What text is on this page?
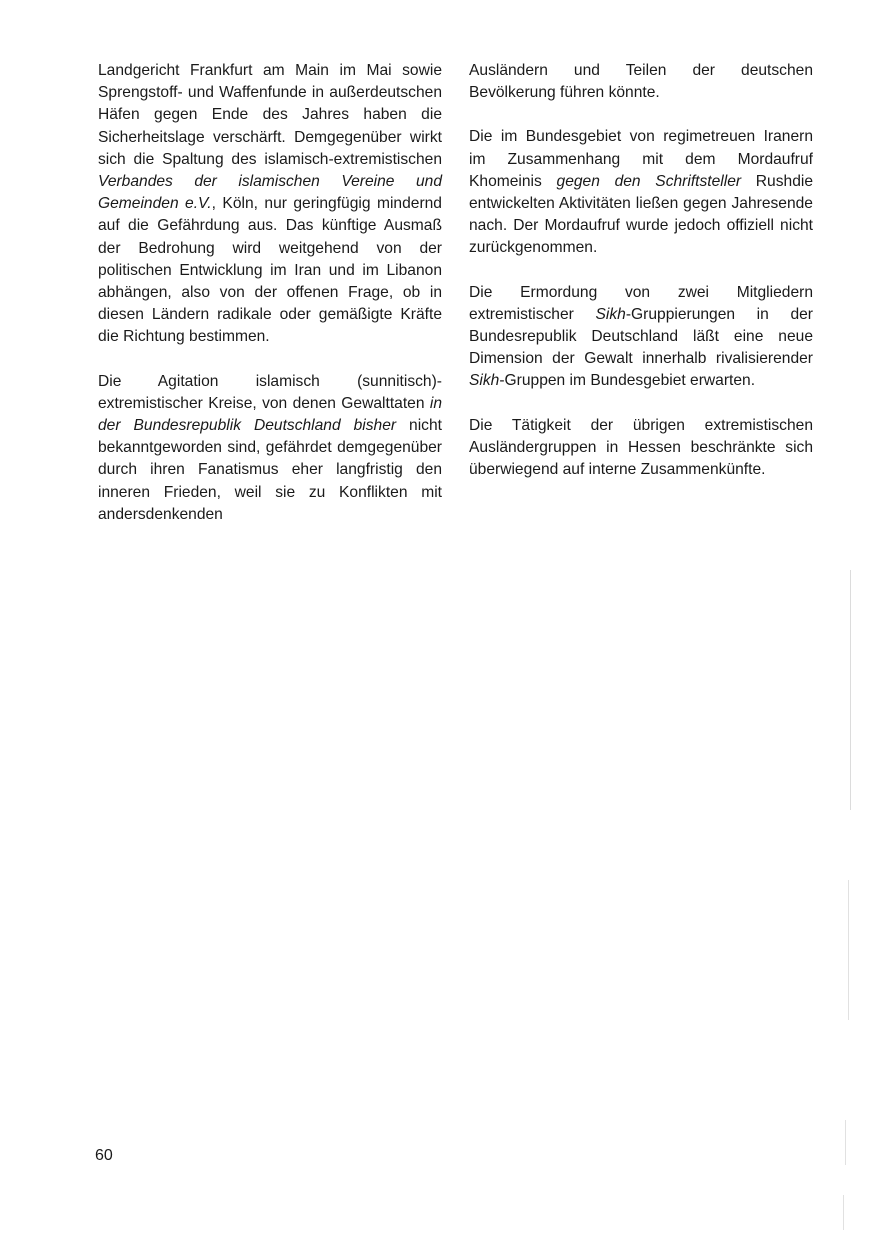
Landgericht Frankfurt am Main im Mai sowie Sprengstoff- und Waffenfunde in außerdeutschen Häfen gegen Ende des Jahres haben die Sicherheitslage verschärft. Demgegenüber wirkt sich die Spaltung des islamisch-extremistischen Verbandes der islamischen Vereine und Gemeinden e.V., Köln, nur geringfügig mindernd auf die Gefährdung aus. Das künftige Ausmaß der Bedrohung wird weitgehend von der politischen Entwicklung im Iran und im Libanon abhängen, also von der offenen Frage, ob in diesen Ländern radikale oder gemäßigte Kräfte die Richtung bestimmen.

Die Agitation islamisch (sunnitisch)-extremistischer Kreise, von denen Gewalttaten in der Bundesrepublik Deutschland bisher nicht bekanntgeworden sind, gefährdet demgegenüber durch ihren Fanatismus eher langfristig den inneren Frieden, weil sie zu Konflikten mit andersdenkenden

Ausländern und Teilen der deutschen Bevölkerung führen könnte.

Die im Bundesgebiet von regimetreuen Iranern im Zusammenhang mit dem Mordaufruf Khomeinis gegen den Schriftsteller Rushdie entwickelten Aktivitäten ließen gegen Jahresende nach. Der Mordaufruf wurde jedoch offiziell nicht zurückgenommen.

Die Ermordung von zwei Mitgliedern extremistischer Sikh-Gruppierungen in der Bundesrepublik Deutschland läßt eine neue Dimension der Gewalt innerhalb rivalisierender Sikh-Gruppen im Bundesgebiet erwarten.

Die Tätigkeit der übrigen extremistischen Ausländergruppen in Hessen beschränkte sich überwiegend auf interne Zusammenkünfte.

60
